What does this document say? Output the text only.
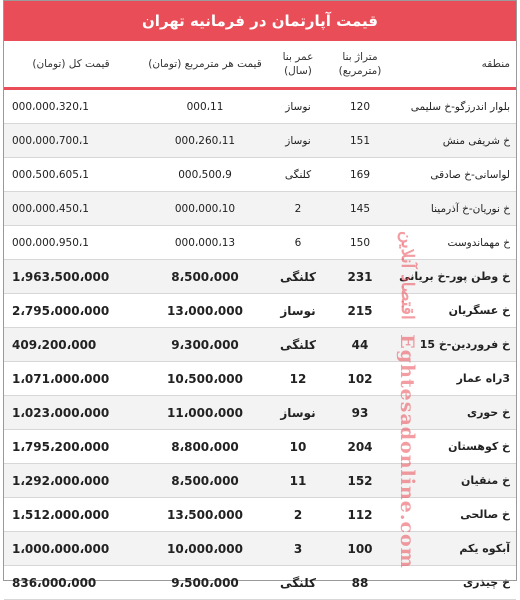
قیمت آپارتمان در فرمانیه تهران
منطقه	متراژ بنا (مترمربع)	عمر بنا (سال)	قیمت هر مترمربع (تومان)	قیمت کل (تومان)
بلوار اندرزگو-خ سلیمی	120	نوساز	000،11	000،000،320،1
خ شریفی منش	151	نوساز	000،260،11	000،000،700،1
لواسانی-خ صادقی	169	کلنگی	000،500،9	000،500،605،1
خ نوریان-خ آذرمینا	145	2	000،000،10	000،000،450،1
خ مهماندوست	150	6	000،000،13	000،000،950،1
خ وطن پور-خ بریانی	231	کلنگی	8،500،000	1،963،500،000
خ عسگریان	215	نوساز	13،000،000	2،795،000،000
خ فروردین-خ 15	44	کلنگی	9،300،000	409،200،000
3راه عمار	102	12	10،500،000	1،071،000،000
خ حوری	93	نوساز	11،000،000	1،023،000،000
خ کوهستان	204	10	8،800،000	1،795،200،000
خ منقیان	152	11	8،500،000	1،292،000،000
خ صالحی	112	2	13،500،000	1،512،000،000
آبکوه یکم	100	3	10،000،000	1،000،000،000
خ چیذری	88	کلنگی	9،500،000	836،000،000
اقتصاد آنلاین Eghtesadonline.com
